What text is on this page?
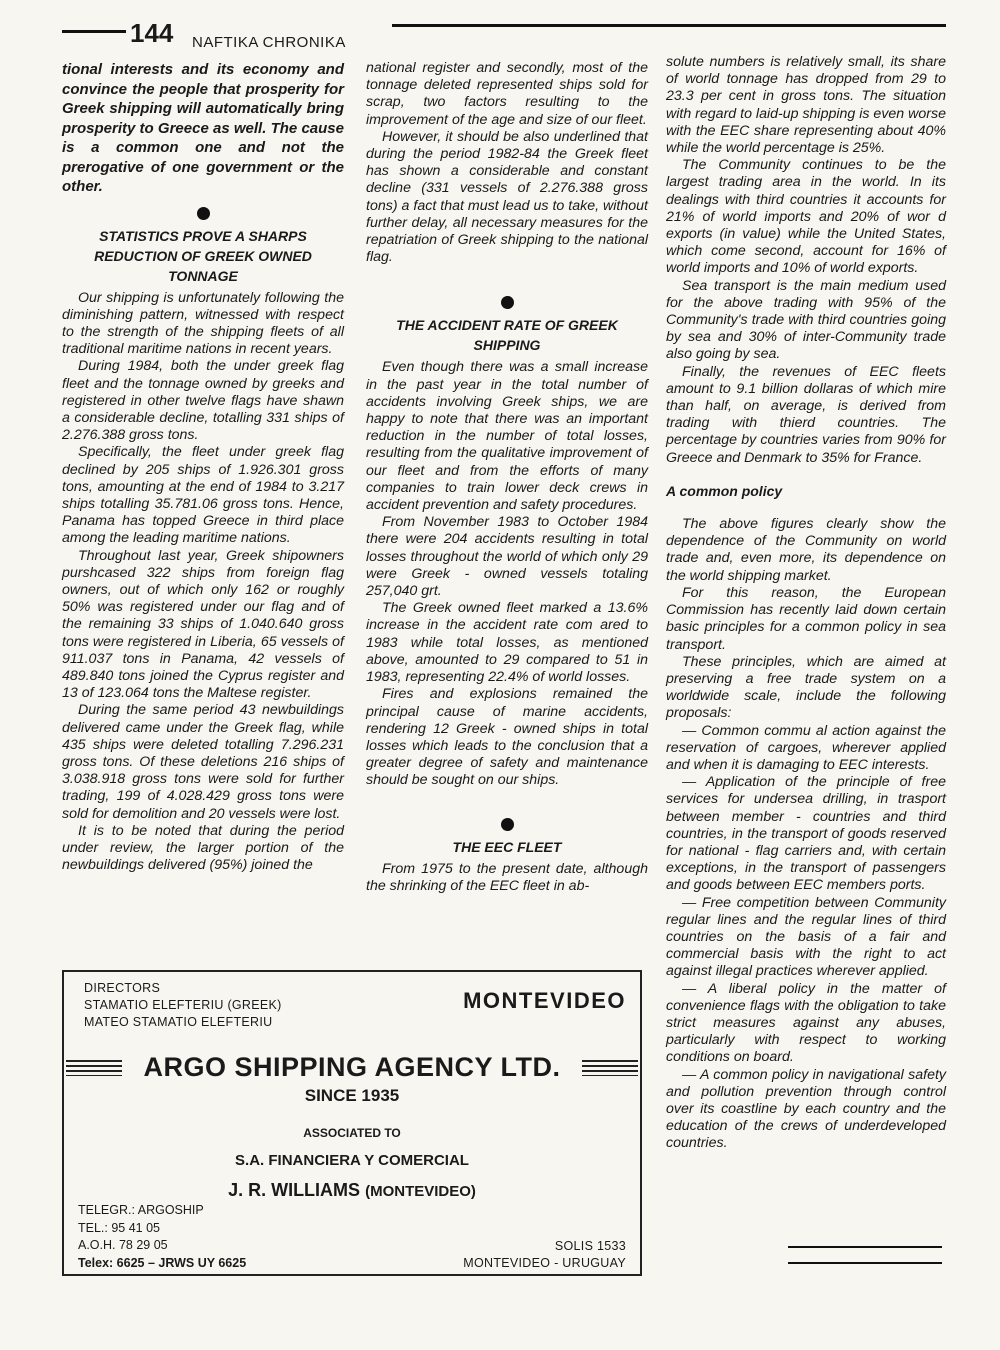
144 NAFTIKA CHRONIKA

tional interests and its economy and convince the people that prosperity for Greek shipping will automatically bring prosperity to Greece as well. The cause is a common one and not the prerogative of one government or the other.

STATISTICS PROVE A SHARPS REDUCTION OF GREEK OWNED TONNAGE

Our shipping is unfortunately following the diminishing pattern, witnessed with respect to the strength of the shipping fleets of all traditional maritime nations in recent years.

During 1984, both the under greek flag fleet and the tonnage owned by greeks and registered in other twelve flags have shawn a considerable decline, totalling 331 ships of 2.276.388 gross tons.

Specifically, the fleet under greek flag declined by 205 ships of 1.926.301 gross tons, amounting at the end of 1984 to 3.217 ships totalling 35.781.06 gross tons. Hence, Panama has topped Greece in third place among the leading maritime nations.

Throughout last year, Greek shipowners purshcased 322 ships from foreign flag owners, out of which only 162 or roughly 50% was registered under our flag and of the remaining 33 ships of 1.040.640 gross tons were registered in Liberia, 65 vessels of 911.037 tons in Panama, 42 vessels of 489.840 tons joined the Cyprus register and 13 of 123.064 tons the Maltese register.

During the same period 43 newbuildings delivered came under the Greek flag, while 435 ships were deleted totalling 7.296.231 gross tons. Of these deletions 216 ships of 3.038.918 gross tons were sold for further trading, 199 of 4.028.429 gross tons were sold for demolition and 20 vessels were lost.

It is to be noted that during the period under review, the larger portion of the newbuildings delivered (95%) joined the

national register and secondly, most of the tonnage deleted represented ships sold for scrap, two factors resulting to the improvement of the age and size of our fleet.

However, it should be also underlined that during the period 1982-84 the Greek fleet has shown a considerable and constant decline (331 vessels of 2.276.388 gross tons) a fact that must lead us to take, without further delay, all necessary measures for the repatriation of Greek shipping to the national flag.

THE ACCIDENT RATE OF GREEK SHIPPING

Even though there was a small increase in the past year in the total number of accidents involving Greek ships, we are happy to note that there was an important reduction in the number of total losses, resulting from the qualitative improvement of our fleet and from the efforts of many companies to train lower deck crews in accident prevention and safety procedures.

From November 1983 to October 1984 there were 204 accidents resulting in total losses throughout the world of which only 29 were Greek - owned vessels totaling 257,040 grt.

The Greek owned fleet marked a 13.6% increase in the accident rate com ared to 1983 while total losses, as mentioned above, amounted to 29 compared to 51 in 1983, representing 22.4% of world losses.

Fires and explosions remained the principal cause of marine accidents, rendering 12 Greek - owned ships in total losses which leads to the conclusion that a greater degree of safety and maintenance should be sought on our ships.

THE EEC FLEET

From 1975 to the present date, although the shrinking of the EEC fleet in ab-

solute numbers is relatively small, its share of world tonnage has dropped from 29 to 23.3 per cent in gross tons. The situation with regard to laid-up shipping is even worse with the EEC share representing about 40% while the world percentage is 25%.

The Community continues to be the largest trading area in the world. In its dealings with third countries it accounts for 21% of world imports and 20% of wor d exports (in value) while the United States, which come second, account for 16% of world imports and 10% of world exports.

Sea transport is the main medium used for the above trading with 95% of the Community's trade with third countries going by sea and 30% of inter-Community trade also going by sea.

Finally, the revenues of EEC fleets amount to 9.1 billion dollaras of which mire than half, on average, is derived from trading with thierd countries. The percentage by countries varies from 90% for Greece and Denmark to 35% for France.

A common policy

The above figures clearly show the dependence of the Community on world trade and, even more, its dependence on the world shipping market.

For this reason, the European Commission has recently laid down certain basic principles for a common policy in sea transport.

These principles, which are aimed at preserving a free trade system on a worldwide scale, include the following proposals:

— Common commu al action against the reservation of cargoes, wherever applied and when it is damaging to EEC interests.

— Application of the principle of free services for undersea drilling, in trasport between member - countries and third countries, in the transport of goods reserved for national - flag carriers and, with certain exceptions, in the transport of passengers and goods between EEC members ports.

— Free competition between Community regular lines and the regular lines of third countries on the basis of a fair and commercial basis with the right to act against illegal practices wherever applied.

— A liberal policy in the matter of convenience flags with the obligation to take strict measures against any abuses, particularly with respect to working conditions on board.

— A common policy in navigational safety and pollution prevention through control over its coastline by each country and the education of the crews of underdeveloped countries.

DIRECTORS
STAMATIO ELEFTERIU (GREEK)
MATEO STAMATIO ELEFTERIU
MONTEVIDEO
ARGO SHIPPING AGENCY LTD.
SINCE 1935
ASSOCIATED TO
S.A. FINANCIERA Y COMERCIAL
J. R. WILLIAMS (MONTEVIDEO)
TELEGR.: ARGOSHIP
TEL.: 95 41 05
A.O.H. 78 29 05
Telex: 6625 – JRWS UY 6625
SOLIS 1533
MONTEVIDEO - URUGUAY
